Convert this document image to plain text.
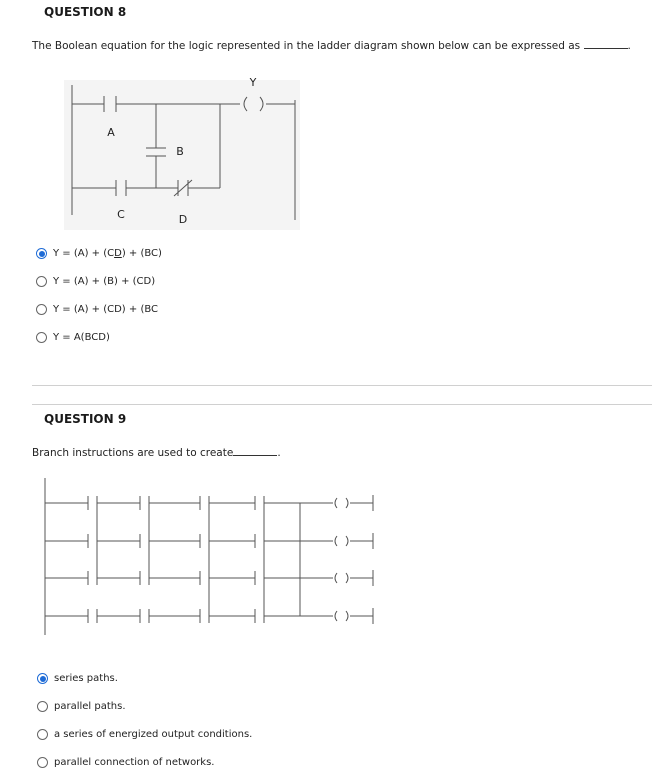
QUESTION 8
The Boolean equation for the logic represented in the ladder diagram shown below can be expressed as	.
Y
A
B
C	D
Y = (A) + (CD) + (BC)
Y = (A) + (B) + (CD)
Y = (A) + (CD) + (BC
Y = A(BCD)
QUESTION 9
Branch instructions are used to create	.
series paths.
parallel paths.
a series of energized output conditions.
parallel connection of networks.
